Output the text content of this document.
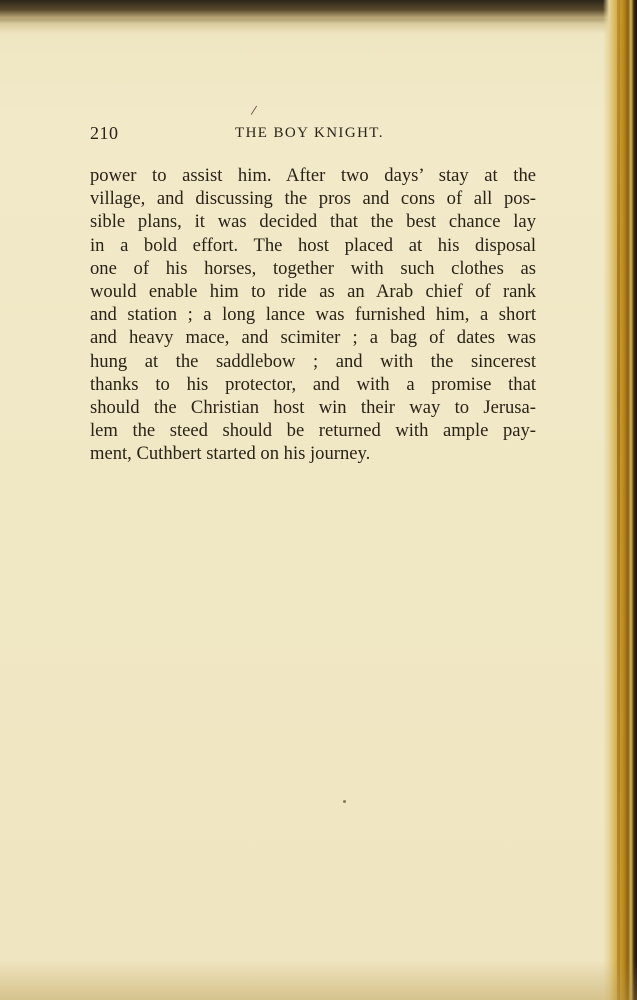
/
210	THE BOY KNIGHT.
power to assist him. After two days’ stay at the
village, and discussing the pros and cons of all pos-
sible plans, it was decided that the best chance lay
in a bold effort. The host placed at his disposal
one of his horses, together with such clothes as
would enable him to ride as an Arab chief of rank
and station ; a long lance was furnished him, a short
and heavy mace, and scimiter ; a bag of dates was
hung at the saddlebow ; and with the sincerest
thanks to his protector, and with a promise that
should the Christian host win their way to Jerusa-
lem the steed should be returned with ample pay-
ment, Cuthbert started on his journey.
